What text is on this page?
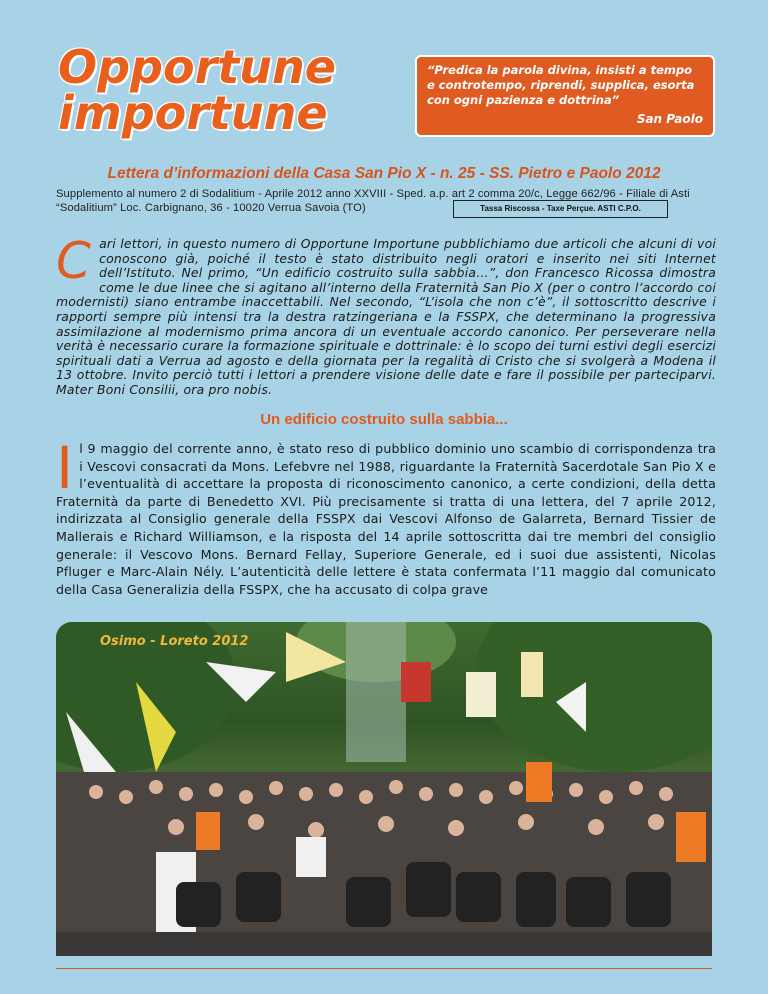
Opportune
importune
“Predica la parola divina, insisti a tempo e controtempo, riprendi, supplica, esorta con ogni pazienza e dottrina”
San Paolo
Lettera d’informazioni della Casa San Pio X - n. 25 - SS. Pietro e Paolo 2012
Supplemento al numero 2 di Sodalitium - Aprile 2012 anno XXVIII - Sped. a.p. art 2 comma 20/c, Legge 662/96 - Filiale di Asti “Sodalitium” Loc. Carbignano, 36 - 10020 Verrua Savoia (TO)	Tassa Riscossa - Taxe Perçue. ASTI C.P.O.
C ari lettori, in questo numero di Opportune Importune pubblichiamo due articoli che alcuni di voi conoscono già, poiché il testo è stato distribuito negli oratori e inserito nei siti Internet dell’Istituto. Nel primo, “Un edificio costruito sulla sabbia…”, don Francesco Ricossa dimostra come le due linee che si agitano all’interno della Fraternità San Pio X (per o contro l’accordo coi modernisti) siano entrambe inaccettabili. Nel secondo, “L’isola che non c’è”, il sottoscritto descrive i rapporti sempre più intensi tra la destra ratzingeriana e la FSSPX, che determinano la progressiva assimilazione al modernismo prima ancora di un eventuale accordo canonico. Per perseverare nella verità è necessario curare la formazione spirituale e dottrinale: è lo scopo dei turni estivi degli esercizi spirituali dati a Verrua ad agosto e della giornata per la regalità di Cristo che si svolgerà a Modena il 13 ottobre. Invito perciò tutti i lettori a prendere visione delle date e fare il possibile per parteciparvi. Mater Boni Consilii, ora pro nobis.
Un edificio costruito sulla sabbia...
I l 9 maggio del corrente anno, è stato reso di pubblico dominio uno scambio di corrispondenza tra i Vescovi consacrati da Mons. Lefebvre nel 1988, riguardante la Fraternità Sacerdotale San Pio X e l’eventualità di accettare la proposta di riconoscimento canonico, a certe condizioni, della detta Fraternità da parte di Benedetto XVI. Più precisamente si tratta di una lettera, del 7 aprile 2012, indirizzata al Consiglio generale della FSSPX dai Vescovi Alfonso de Galarreta, Bernard Tissier de Mallerais e Richard Williamson, e la risposta del 14 aprile sottoscritta dai tre membri del consiglio generale: il Vescovo Mons. Bernard Fellay, Superiore Generale, ed i suoi due assistenti, Nicolas Pfluger e Marc-Alain Nély. L’autenticità delle lettere è stata confermata l’11 maggio dal comunicato della Casa Generalizia della FSSPX, che ha accusato di colpa grave
Osimo - Loreto 2012
